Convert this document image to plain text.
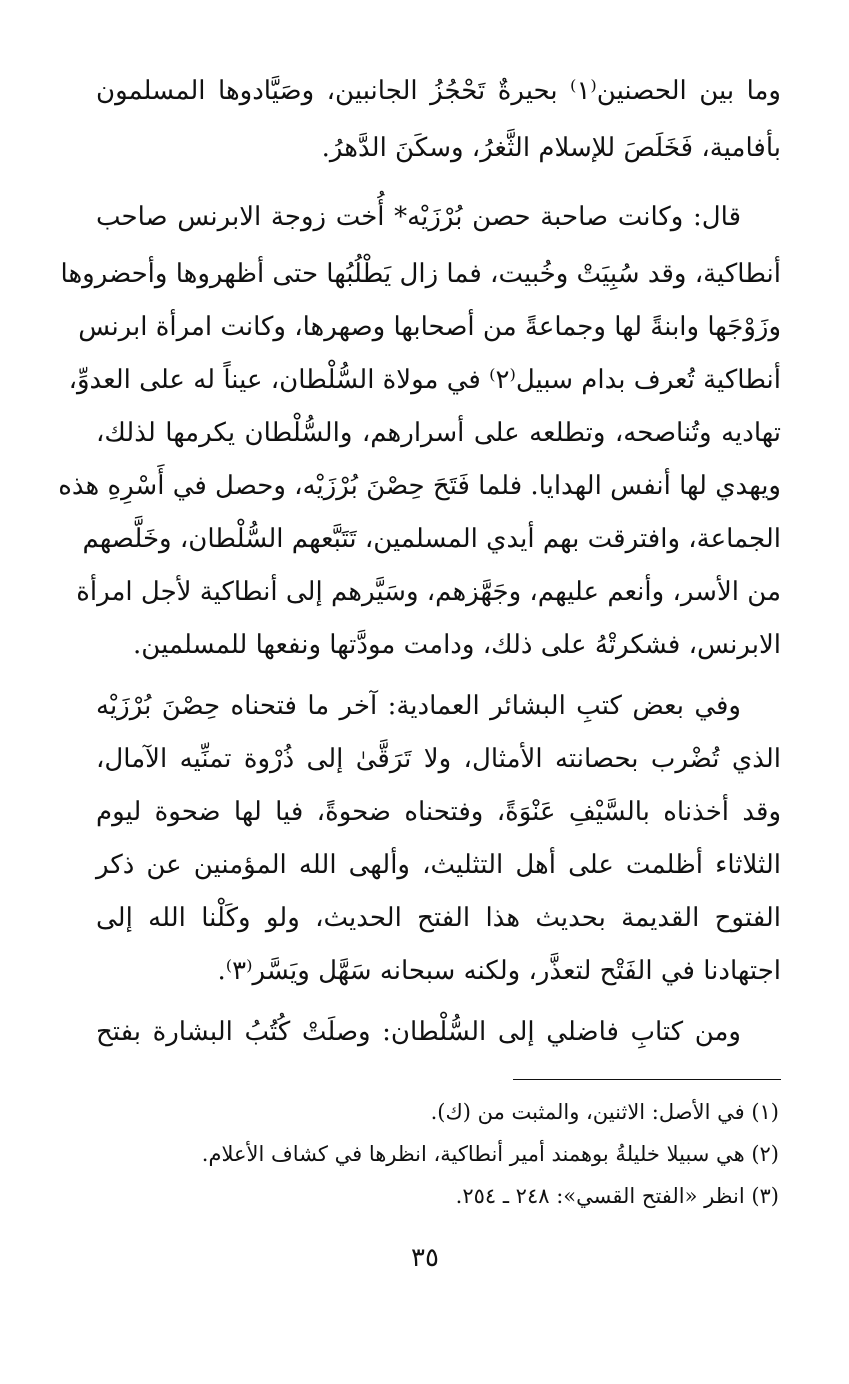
وما بين الحصنين⁽١⁾ بحيرةٌ تَحْجُزُ الجانبين، وصَيَّادوها المسلمون
بأفامية، فَخَلَصَ للإسلام الثَّغرُ، وسكَنَ الدَّهرُ.
قال: وكانت صاحبة حصن بُرْزَيْه* أُخت زوجة الابرنس صاحب
أنطاكية، وقد سُبِيَتْ وخُبيت، فما زال يَطْلُبُها حتى أظهروها وأحضروها
وزَوْجَها وابنةً لها وجماعةً من أصحابها وصهرها، وكانت امرأة ابرنس
أنطاكية تُعرف بدام سبيل⁽٢⁾ في مولاة السُّلْطان، عيناً له على العدوِّ،
تهاديه وتُناصحه، وتطلعه على أسرارهم، والسُّلْطان يكرمها لذلك،
ويهدي لها أنفس الهدايا. فلما فَتَحَ حِصْنَ بُرْزَيْه، وحصل في أَسْرِهِ هذه
الجماعة، وافترقت بهم أيدي المسلمين، تَتَبَّعهم السُّلْطان، وخَلَّصهم
من الأسر، وأنعم عليهم، وجَهَّزهم، وسَيَّرهم إلى أنطاكية لأجل امرأة
الابرنس، فشكرتْهُ على ذلك، ودامت مودَّتها ونفعها للمسلمين.
وفي بعض كتبِ البشائر العمادية: آخر ما فتحناه حِصْنَ بُرْزَيْه
الذي تُضْرب بحصانته الأمثال، ولا تَرَقَّىٰ إلى ذُرْوة تمنِّيه الآمال،
وقد أخذناه بالسَّيْفِ عَنْوَةً، وفتحناه ضحوةً، فيا لها ضحوة ليوم
الثلاثاء أظلمت على أهل التثليث، وألهى الله المؤمنين عن ذكر
الفتوح القديمة بحديث هذا الفتح الحديث، ولو وكَلْنا الله إلى
اجتهادنا في الفَتْح لتعذَّر، ولكنه سبحانه سَهَّل ويَسَّر⁽٣⁾.
ومن كتابِ فاضلي إلى السُّلْطان: وصلَتْ كُتُبُ البشارة بفتح
(١) في الأصل: الاثنين، والمثبت من (ك).
(٢) هي سبيلا خليلةُ بوهمند أمير أنطاكية، انظرها في كشاف الأعلام.
(٣) انظر «الفتح القسي»: ٢٤٨ ـ ٢٥٤.
٣٥
